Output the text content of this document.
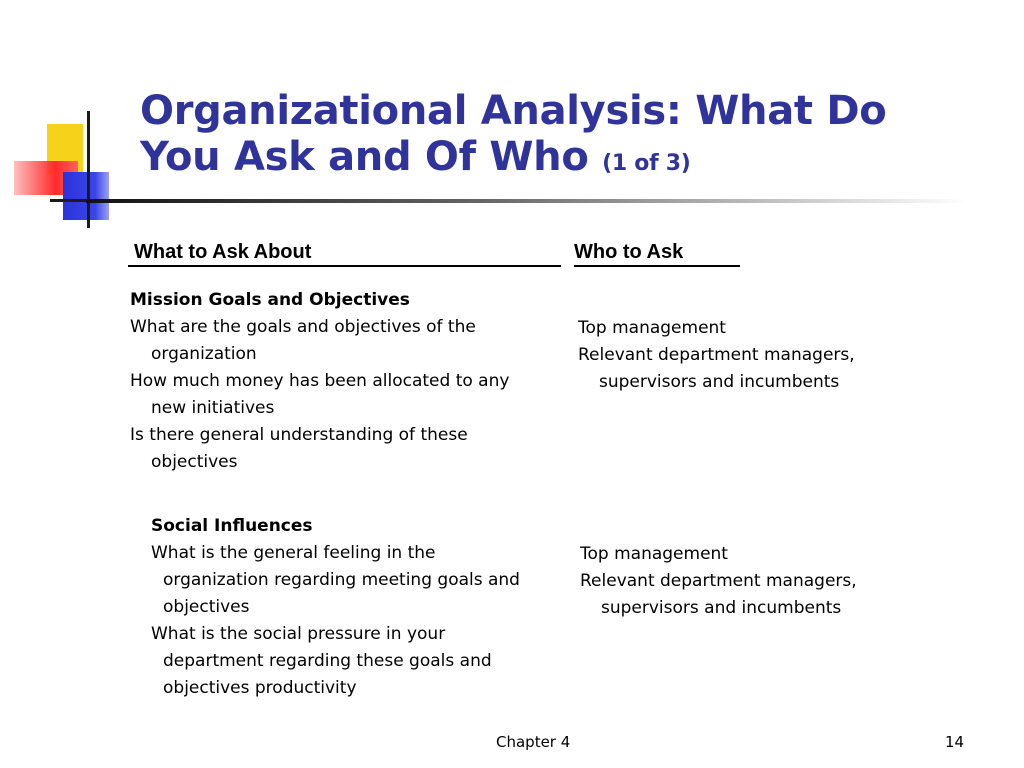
Organizational Analysis: What Do You Ask and Of Who (1 of 3)
What to Ask About	Who to Ask
Mission Goals and Objectives
What are the goals and objectives of the organization
How much money has been allocated to any new initiatives
Is there general understanding of these objectives
Top management
Relevant department managers, supervisors and incumbents
Social Influences
What is the general feeling in the organization regarding meeting goals and objectives
What is the social pressure in your department regarding these goals and objectives productivity
Top management
Relevant department managers, supervisors and incumbents
Chapter 4	14
